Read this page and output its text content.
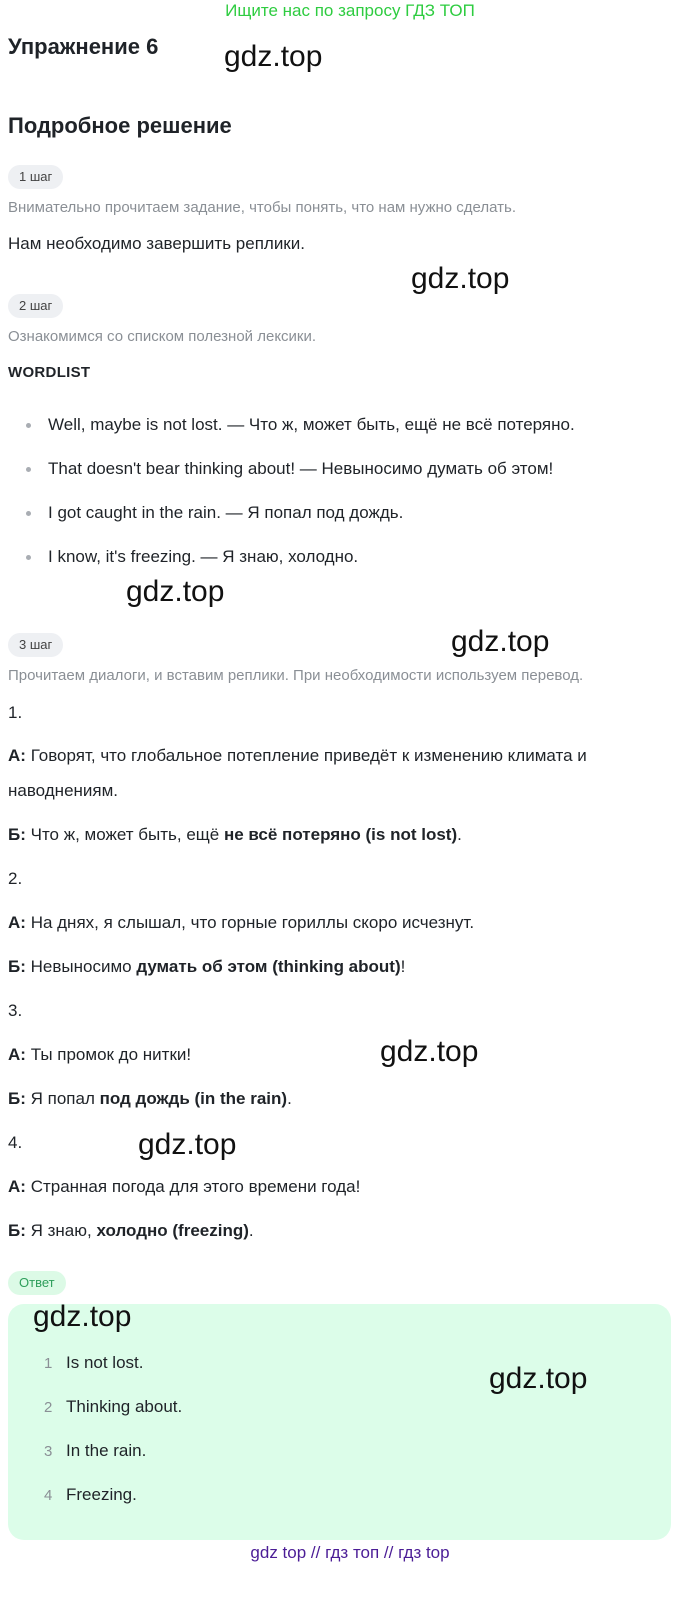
Ищите нас по запросу ГДЗ ТОП
Упражнение 6 gdz.top
Подробное решение
1 шаг
Внимательно прочитаем задание, чтобы понять, что нам нужно сделать.
Нам необходимо завершить реплики.
gdz.top
2 шаг
Ознакомимся со списком полезной лексики.
WORDLIST
Well, maybe is not lost. — Что ж, может быть, ещё не всё потеряно.
That doesn't bear thinking about! — Невыносимо думать об этом!
I got caught in the rain. — Я попал под дождь.
I know, it's freezing. — Я знаю, холодно.
gdz.top
3 шаг	gdz.top
Прочитаем диалоги, и вставим реплики. При необходимости используем перевод.
1.
А: Говорят, что глобальное потепление приведёт к изменению климата и
наводнениям.
Б: Что ж, может быть, ещё не всё потеряно (is not lost).
2.
А: На днях, я слышал, что горные гориллы скоро исчезнут.
Б: Невыносимо думать об этом (thinking about)!
3.
А: Ты промок до нитки!	gdz.top
Б: Я попал под дождь (in the rain).
4.	gdz.top
А: Странная погода для этого времени года!
Б: Я знаю, холодно (freezing).
Ответ
gdz.top
gdz.top
1 Is not lost.
2 Thinking about.
3 In the rain.
4 Freezing.
gdz top // гдз топ // гдз top
